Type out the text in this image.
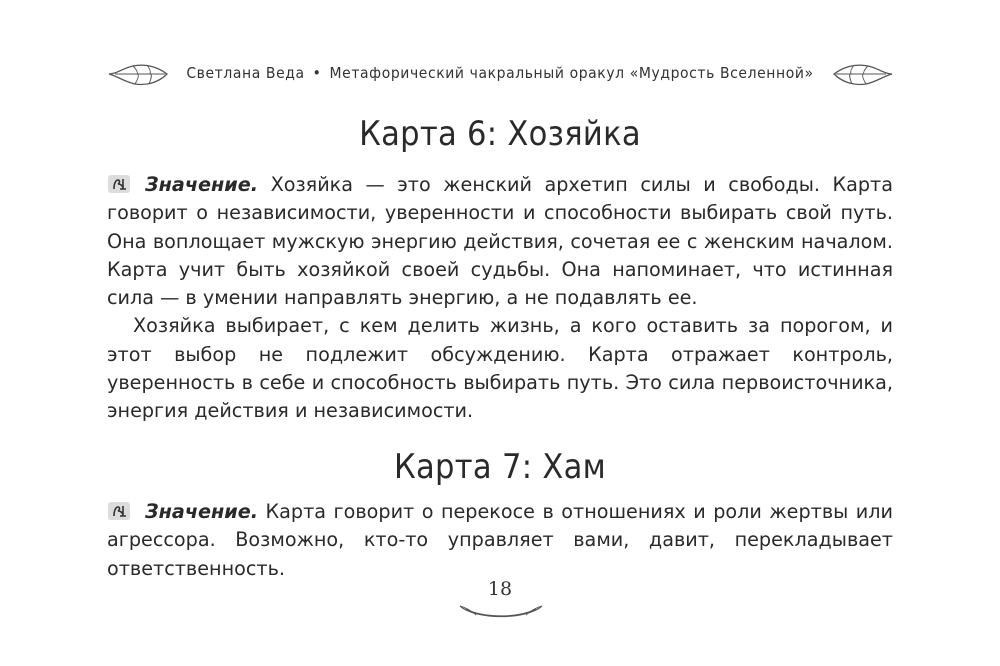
Светлана Веда • Метафорический чакральный оракул «Мудрость Вселенной»
Карта 6: Хозяйка

Значение. Хозяйка — это женский архетип силы и свободы. Карта говорит о независимости, уверенности и способности выбирать свой путь. Она воплощает мужскую энергию действия, сочетая ее с женским началом. Карта учит быть хозяйкой своей судьбы. Она напоминает, что истинная сила — в умении направлять энергию, а не подавлять ее.

Хозяйка выбирает, с кем делить жизнь, а кого оставить за порогом, и этот выбор не подлежит обсуждению. Карта отражает контроль, уверенность в себе и способность выбирать путь. Это сила первоисточника, энергия действия и независимости.

Карта 7: Хам

Значение. Карта говорит о перекосе в отношениях и роли жертвы или агрессора. Возможно, кто-то управляет вами, давит, перекладывает ответственность.

18
